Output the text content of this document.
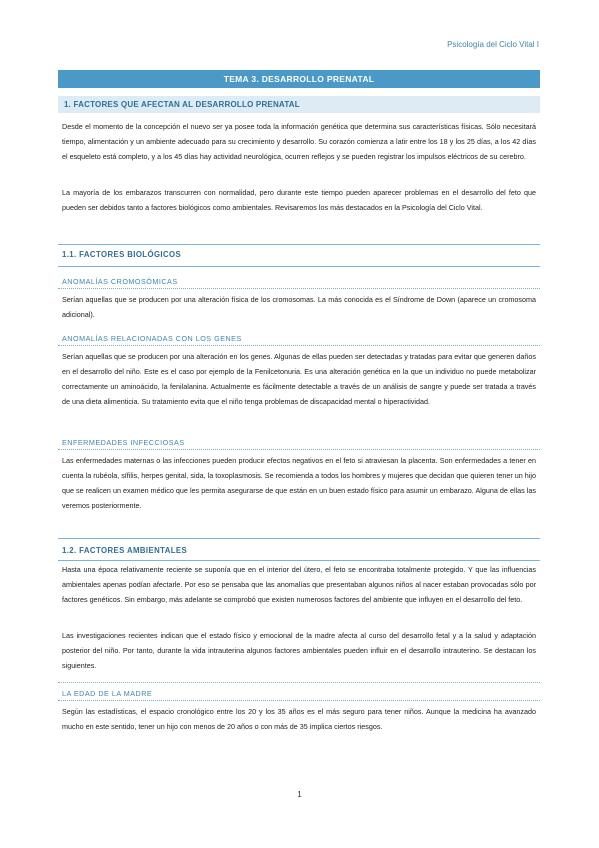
Psicología del Ciclo Vital I
TEMA 3. DESARROLLO PRENATAL
1. FACTORES QUE AFECTAN AL DESARROLLO PRENATAL
Desde el momento de la concepción el nuevo ser ya posee toda la información genética que determina sus características físicas. Sólo necesitará tiempo, alimentación y un ambiente adecuado para su crecimiento y desarrollo. Su corazón comienza a latir entre los 18 y los 25 días, a los 42 días el esqueleto está completo, y a los 45 días hay actividad neurológica, ocurren reflejos y se pueden registrar los impulsos eléctricos de su cerebro.
La mayoría de los embarazos transcurren con normalidad, pero durante este tiempo pueden aparecer problemas en el desarrollo del feto que pueden ser debidos tanto a factores biológicos como ambientales. Revisaremos los más destacados en la Psicología del Ciclo Vital.
1.1. FACTORES BIOLÓGICOS
ANOMALÍAS CROMOSÓMICAS
Serían aquellas que se producen por una alteración física de los cromosomas. La más conocida es el Síndrome de Down (aparece un cromosoma adicional).
ANOMALÍAS RELACIONADAS CON LOS GENES
Serían aquellas que se producen por una alteración en los genes. Algunas de ellas pueden ser detectadas y tratadas para evitar que generen daños en el desarrollo del niño. Este es el caso por ejemplo de la Fenilcetonuria. Es una alteración genética en la que un individuo no puede metabolizar correctamente un aminoácido, la fenilalanina. Actualmente es fácilmente detectable a través de un análisis de sangre y puede ser tratada a través de una dieta alimenticia. Su tratamiento evita que el niño tenga problemas de discapacidad mental o hiperactividad.
ENFERMEDADES INFECCIOSAS
Las enfermedades maternas o las infecciones pueden producir efectos negativos en el feto si atraviesan la placenta. Son enfermedades a tener en cuenta la rubéola, sífilis, herpes genital, sida, la toxoplasmosis. Se recomienda a todos los hombres y mujeres que decidan que quieren tener un hijo que se realicen un examen médico que les permita asegurarse de que están en un buen estado físico para asumir un embarazo. Alguna de ellas las veremos posteriormente.
1.2. FACTORES AMBIENTALES
Hasta una época relativamente reciente se suponía que en el interior del útero, el feto se encontraba totalmente protegido. Y que las influencias ambientales apenas podían afectarle. Por eso se pensaba que las anomalías que presentaban algunos niños al nacer estaban provocadas sólo por factores genéticos. Sin embargo, más adelante se comprobó que existen numerosos factores del ambiente que influyen en el desarrollo del feto.
Las investigaciones recientes indican que el estado físico y emocional de la madre afecta al curso del desarrollo fetal y a la salud y adaptación posterior del niño. Por tanto, durante la vida intrauterina algunos factores ambientales pueden influir en el desarrollo intrauterino. Se destacan los siguientes.
LA EDAD DE LA MADRE
Según las estadísticas, el espacio cronológico entre los 20 y los 35 años es el más seguro para tener niños. Aunque la medicina ha avanzado mucho en este sentido, tener un hijo con menos de 20 años o con más de 35 implica ciertos riesgos.
1
